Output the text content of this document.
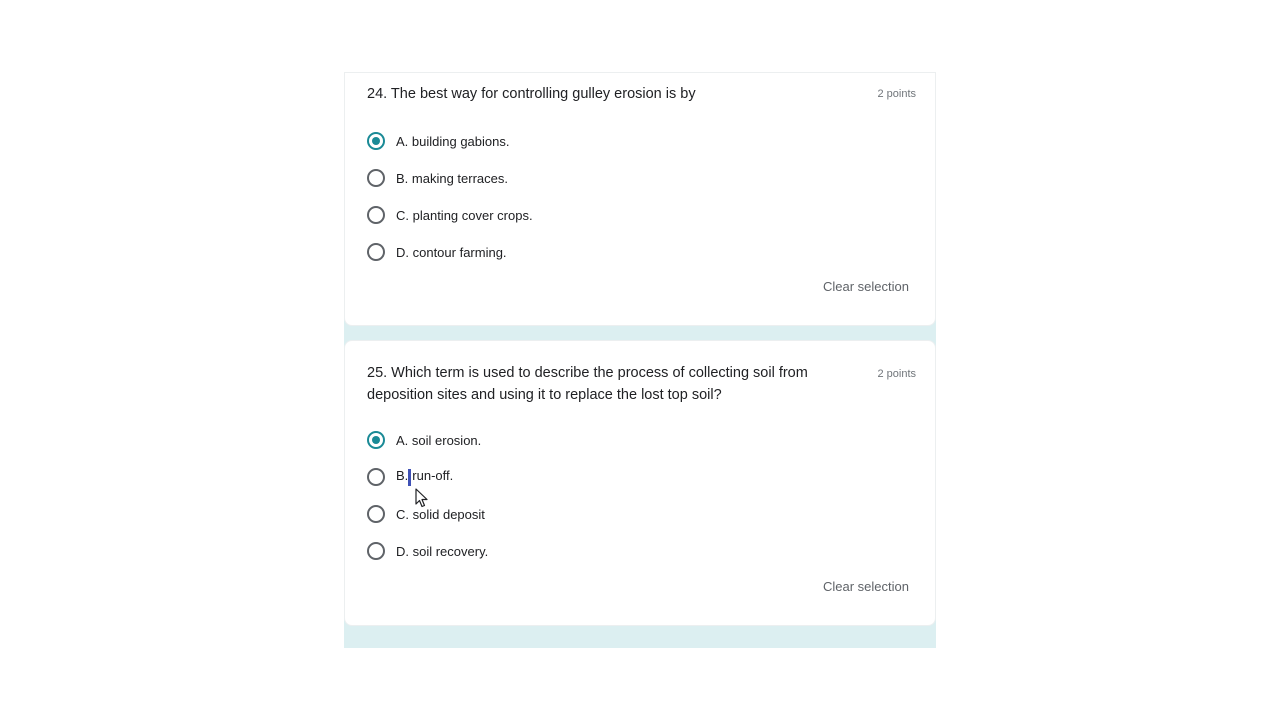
24. The best way for controlling gulley erosion is by	2 points
A. building gabions.
B. making terraces.
C. planting cover crops.
D. contour farming.
Clear selection
25. Which term is used to describe the process of collecting soil from deposition sites and using it to replace the lost top soil?
2 points
A. soil erosion.
B. run-off.
C. solid deposit
D. soil recovery.
Clear selection
